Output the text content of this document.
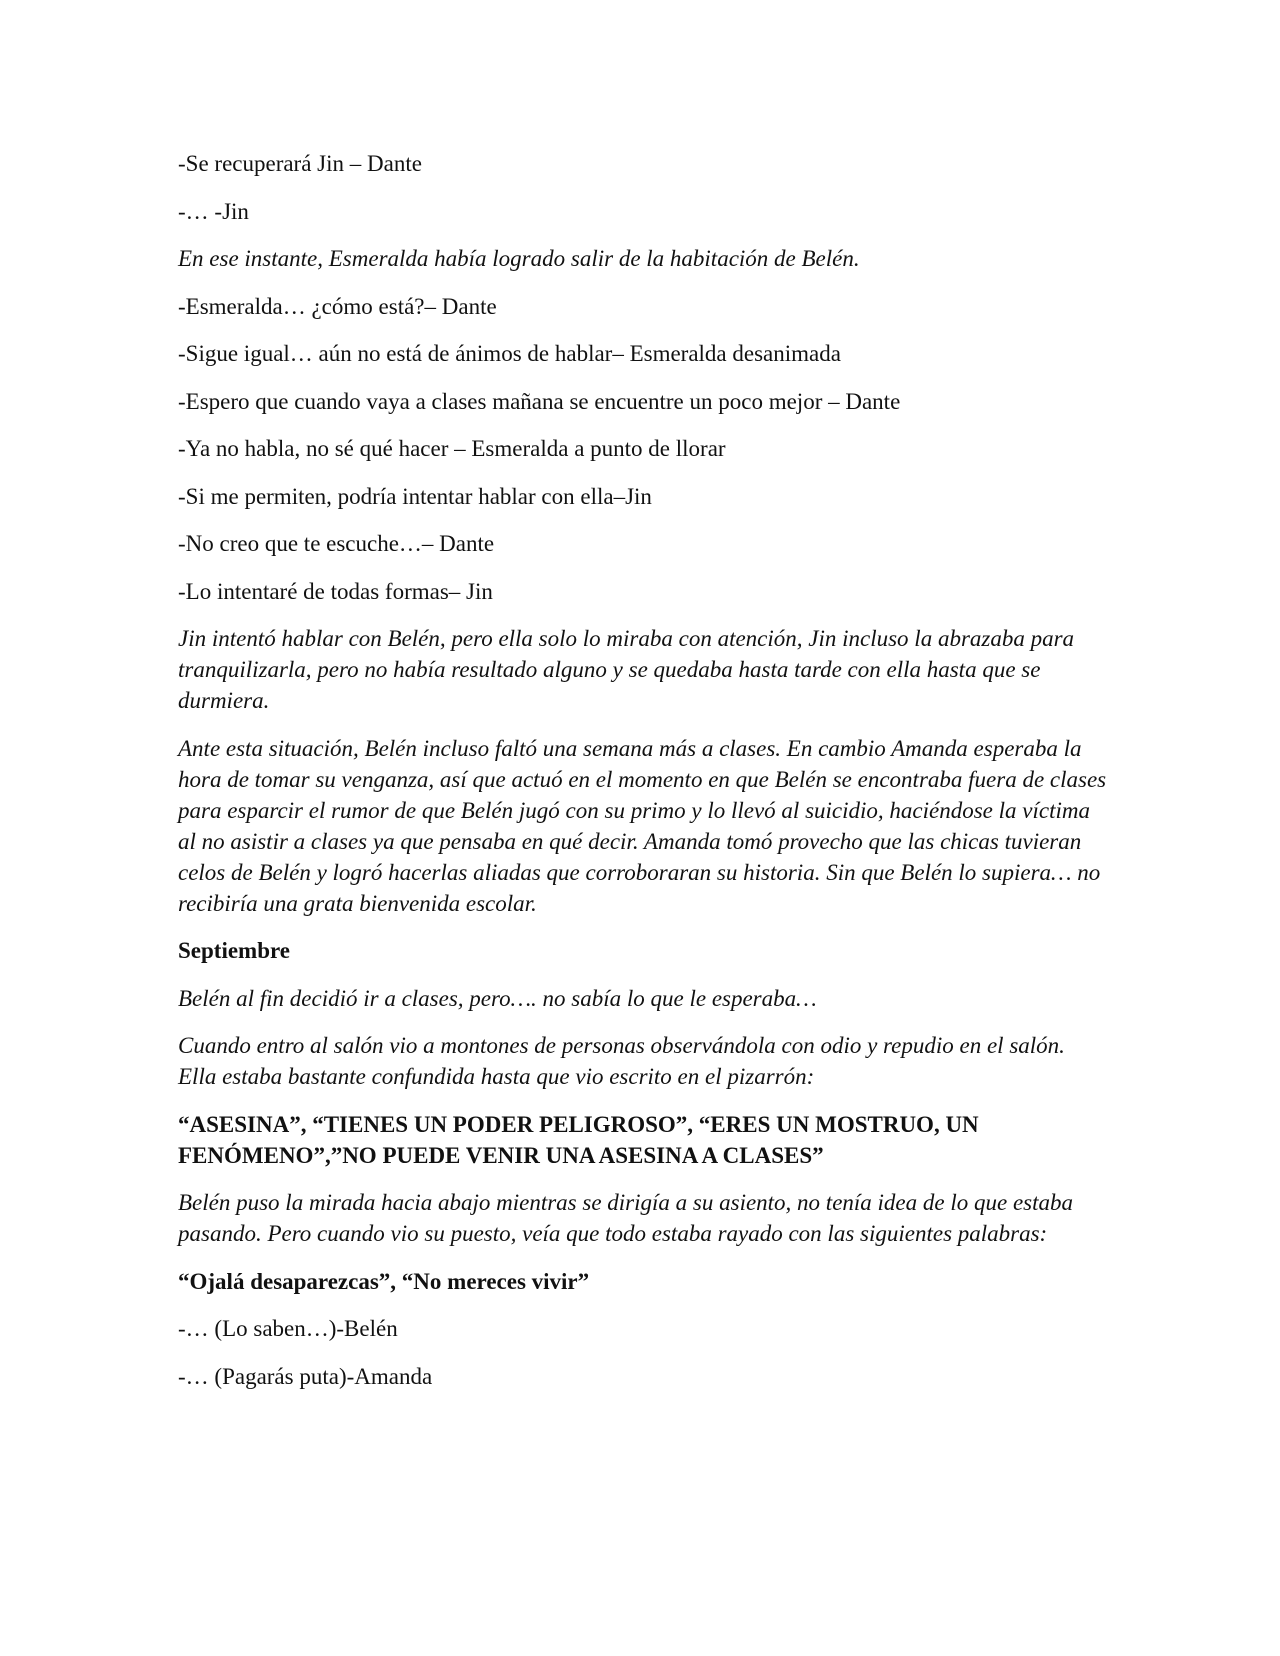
-Se recuperará Jin – Dante

-… -Jin

En ese instante, Esmeralda había logrado salir de la habitación de Belén.

-Esmeralda… ¿cómo está?– Dante

-Sigue igual… aún no está de ánimos de hablar– Esmeralda desanimada

-Espero que cuando vaya a clases mañana se encuentre un poco mejor – Dante

-Ya no habla, no sé qué hacer – Esmeralda a punto de llorar

-Si me permiten, podría intentar hablar con ella–Jin

-No creo que te escuche…– Dante

-Lo intentaré de todas formas– Jin

Jin intentó hablar con Belén, pero ella solo lo miraba con atención, Jin incluso la abrazaba para tranquilizarla, pero no había resultado alguno y se quedaba hasta tarde con ella hasta que se durmiera.

Ante esta situación, Belén incluso faltó una semana más a clases. En cambio Amanda esperaba la hora de tomar su venganza, así que actuó en el momento en que Belén se encontraba fuera de clases para esparcir el rumor de que Belén jugó con su primo y lo llevó al suicidio, haciéndose la víctima al no asistir a clases ya que pensaba en qué decir. Amanda tomó provecho que las chicas tuvieran celos de Belén y logró hacerlas aliadas que corroboraran su historia. Sin que Belén lo supiera… no recibiría una grata bienvenida escolar.

Septiembre

Belén al fin decidió ir a clases, pero…. no sabía lo que le esperaba…

Cuando entro al salón vio a montones de personas observándola con odio y repudio en el salón. Ella estaba bastante confundida hasta que vio escrito en el pizarrón:

“ASESINA”, “TIENES UN PODER PELIGROSO”, “ERES UN MOSTRUO, UN FENÓMENO”,”NO PUEDE VENIR UNA ASESINA A CLASES”

Belén puso la mirada hacia abajo mientras se dirigía a su asiento, no tenía idea de lo que estaba pasando. Pero cuando vio su puesto, veía que todo estaba rayado con las siguientes palabras:

“Ojalá desaparezcas”, “No mereces vivir”

-… (Lo saben…)-Belén

-… (Pagarás puta)-Amanda
